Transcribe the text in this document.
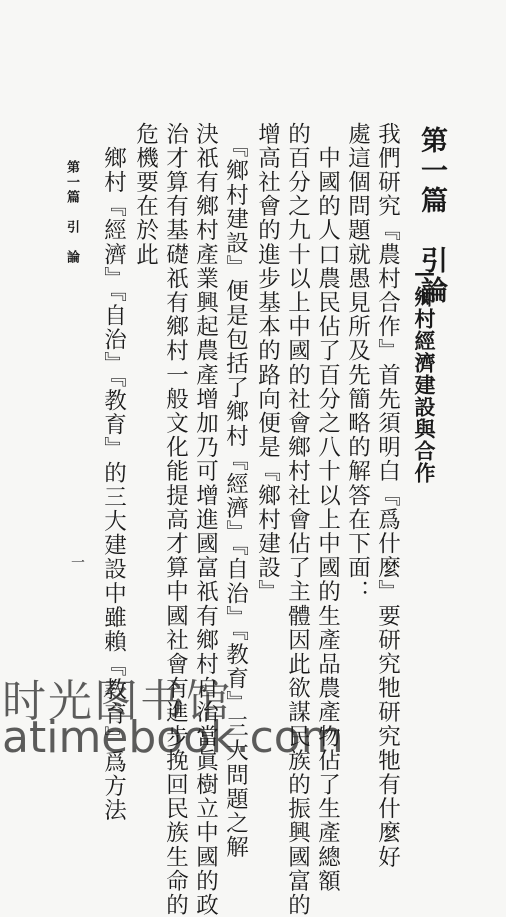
第一篇　引論
—鄉村經濟建設與合作
我們研究『農村合作』首先須明白『爲什麼』要研究牠研究牠有什麼好
處這個問題就愚見所及先簡略的解答在下面：
　中國的人口農民佔了百分之八十以上中國的生產品農產物佔了生產總額
的百分之九十以上中國的社會鄉村社會佔了主體因此欲謀民族的振興國富的
增高社會的進步基本的路向便是『鄉村建設』
　『鄉村建設』便是包括了鄉村『經濟』『自治』『教育』三大問題之解
決祇有鄉村產業興起農產增加乃可增進國富祇有鄉村自治當眞樹立中國的政
治才算有基礎祇有鄉村一般文化能提高才算中國社會有進步挽回民族生命的
危機要在於此
　鄉村『經濟』『自治』『教育』的三大建設中雖賴『教育』爲方法
第一篇　引　論
一
时光图书馆
atimebook.com
